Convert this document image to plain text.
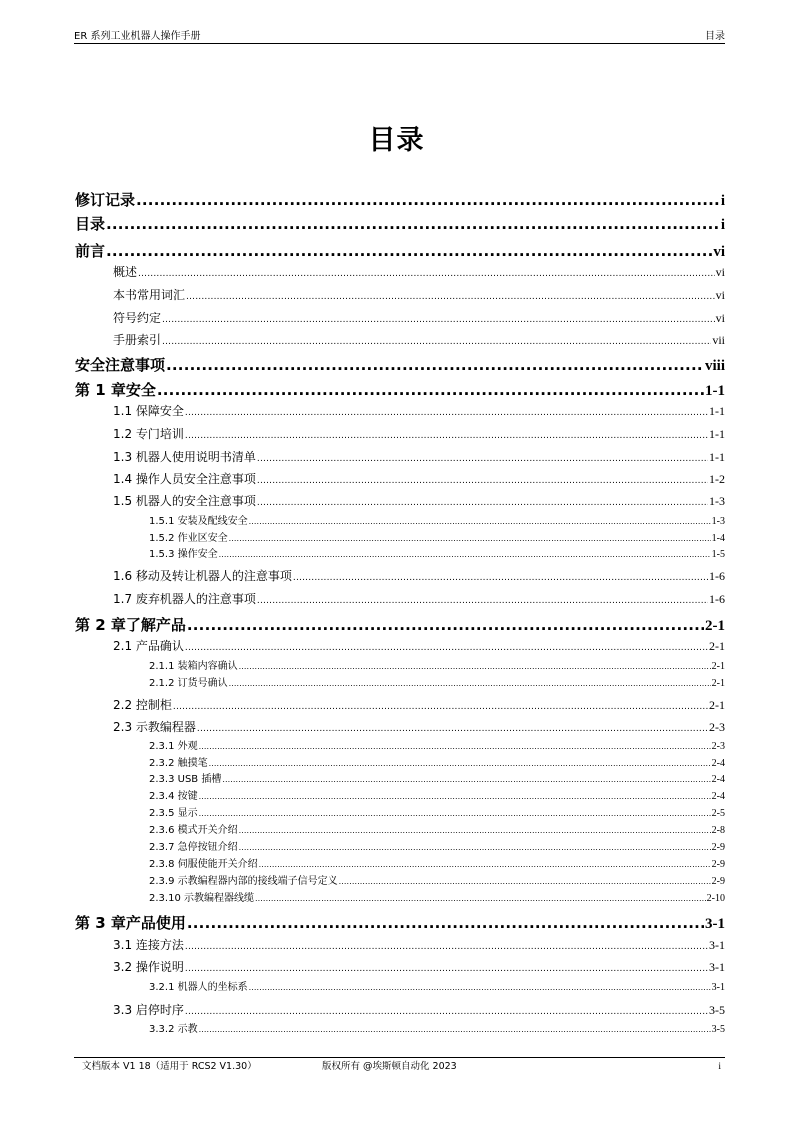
ER 系列工业机器人操作手册	目录
目录
修订记录 .....	i
目录 .....	i
前言 .....	vi
概述 .....	vi
本书常用词汇 .....	vi
符号约定 .....	vi
手册索引 .....	vii
安全注意事项 .....	viii
第 1 章安全 .....	1-1
1.1 保障安全 .....	1-1
1.2 专门培训 .....	1-1
1.3 机器人使用说明书清单 .....	1-1
1.4 操作人员安全注意事项 .....	1-2
1.5 机器人的安全注意事项 .....	1-3
1.5.1 安装及配线安全 .....	1-3
1.5.2 作业区安全 .....	1-4
1.5.3 操作安全 .....	1-5
1.6 移动及转让机器人的注意事项 .....	1-6
1.7 废弃机器人的注意事项 .....	1-6
第 2 章了解产品 .....	2-1
2.1 产品确认 .....	2-1
2.1.1 装箱内容确认 .....	2-1
2.1.2 订货号确认 .....	2-1
2.2 控制柜 .....	2-1
2.3 示教编程器 .....	2-3
2.3.1 外观 .....	2-3
2.3.2 触摸笔 .....	2-4
2.3.3 USB 插槽 .....	2-4
2.3.4 按键 .....	2-4
2.3.5 显示 .....	2-5
2.3.6 模式开关介绍 .....	2-8
2.3.7 急停按钮介绍 .....	2-9
2.3.8 伺服使能开关介绍 .....	2-9
2.3.9 示教编程器内部的接线端子信号定义 .....	2-9
2.3.10 示教编程器线缆 .....	2-10
第 3 章产品使用 .....	3-1
3.1 连接方法 .....	3-1
3.2 操作说明 .....	3-1
3.2.1 机器人的坐标系 .....	3-1
3.3 启停时序 .....	3-5
3.3.2 示教 .....	3-5
文档版本 V1 18（适用于 RCS2 V1.30）	版权所有 @埃斯顿自动化 2023	i
